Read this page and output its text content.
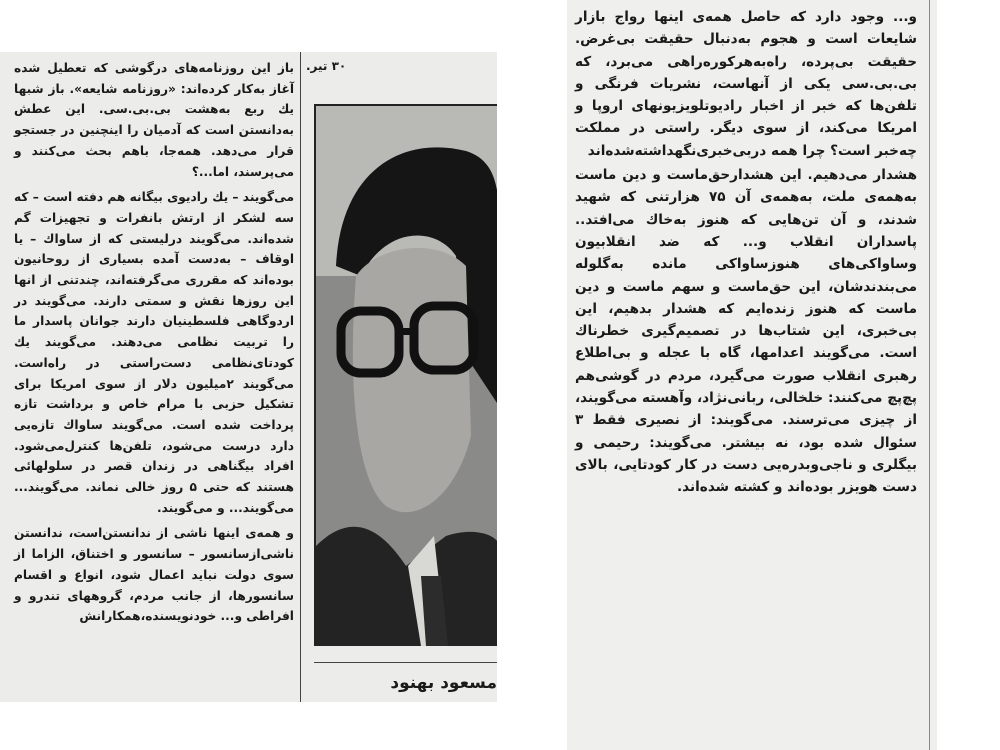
باز این روزنامه‌های درگوشی که تعطیل شده آغاز به‌کار کرده‌اند: «روزنامه شایعه». باز شبها یك ربع به‌هشت بی.بی.سی. این عطش به‌دانستن است که آدمیان را اینچنین در جستجو قرار می‌دهد. همه‌جا، باهم بحث می‌کنند و می‌پرسند، اما...؟

می‌گویند – یك رادیوی بیگانه هم دفته است – که سه لشکر از ارتش بانفرات و تجهیزات گم شده‌اند. می‌گویند درلیستی که از ساواك – یا اوقاف – به‌دست آمده بسیاری از روحانیون بوده‌اند که مقرری می‌گرفته‌اند، چندتنی از انها این روزها نقش و سمتی دارند. می‌گویند در اردوگاهی فلسطینیان دارند جوانان پاسدار ما را تربیت نظامی می‌دهند. می‌گویند یك کودتای‌نظامی دست‌راستی در راه‌است. می‌گویند ۲میلیون دلار از سوی امریکا برای تشکیل حزبی با مرام خاص و برداشت تازه پرداخت شده است. می‌گویند ساواك تازه‌یی دارد درست می‌شود، تلفن‌ها کنترل‌می‌شود. افراد بیگناهی در زندان قصر در سلولهائی هستند که حتی ۵ روز خالی نماند. می‌گویند... می‌گویند... و می‌گویند.

و همه‌ی اینها ناشی از ندانستن‌است، ندانستن ناشی‌ازسانسور – سانسور و اختناق، الزاما از سوی دولت نباید اعمال شود، انواع و اقسام سانسورها، از جانب مردم، گروههای تندرو و افراطی و... خودنویسنده،همکارانش

۳۰ تیر.
مسعود بهنود

و... وجود دارد که حاصل همه‌ی اینها رواج بازار شایعات است و هجوم به‌دنبال حقیقت بی‌غرض. حقیقت بی‌پرده، راه‌به‌هرکوره‌راهی می‌برد، که بی.بی.سی یکی از آنهاست، نشریات فرنگی و تلفن‌ها که خبر از اخبار رادیوتلویزیونهای اروپا و امریکا می‌کند، از سوی دیگر. راستی در مملکت چه‌خبر است؟ چرا همه دربی‌خبری‌نگهداشته‌شده‌اند

هشدار می‌دهیم. این هشدارحق‌ماست و دین ماست به‌همه‌ی ملت، به‌همه‌ی آن ۷۵ هزارتنی که شهید شدند، و آن تن‌هایی که هنوز به‌خاك می‌افتد.. پاسداران انقلاب و... که ضد انقلابیون وساواکی‌های هنوزساواکی مانده به‌گلوله می‌بندندشان، این حق‌ماست و سهم ماست و دین ماست که هنوز زنده‌ایم که هشدار بدهیم، این بی‌خبری، این شتاب‌ها در تصمیم‌گیری خطرناك است. می‌گویند اعدامها، گاه با عجله و بی‌اطلاع رهبری انقلاب صورت می‌گیرد، مردم در گوشی‌هم پچ‌پچ می‌کنند: خلخالی، ربانی‌نژاد، وآهسته می‌گویند، از چیزی می‌ترسند. می‌گویند: از نصیری فقط ۳ سئوال شده بود، نه بیشتر. می‌گویند: رحیمی و بیگلری و ناجی‌وبدره‌یی دست در کار کودتایی، بالای دست هویزر بوده‌اند و کشته شده‌اند.
